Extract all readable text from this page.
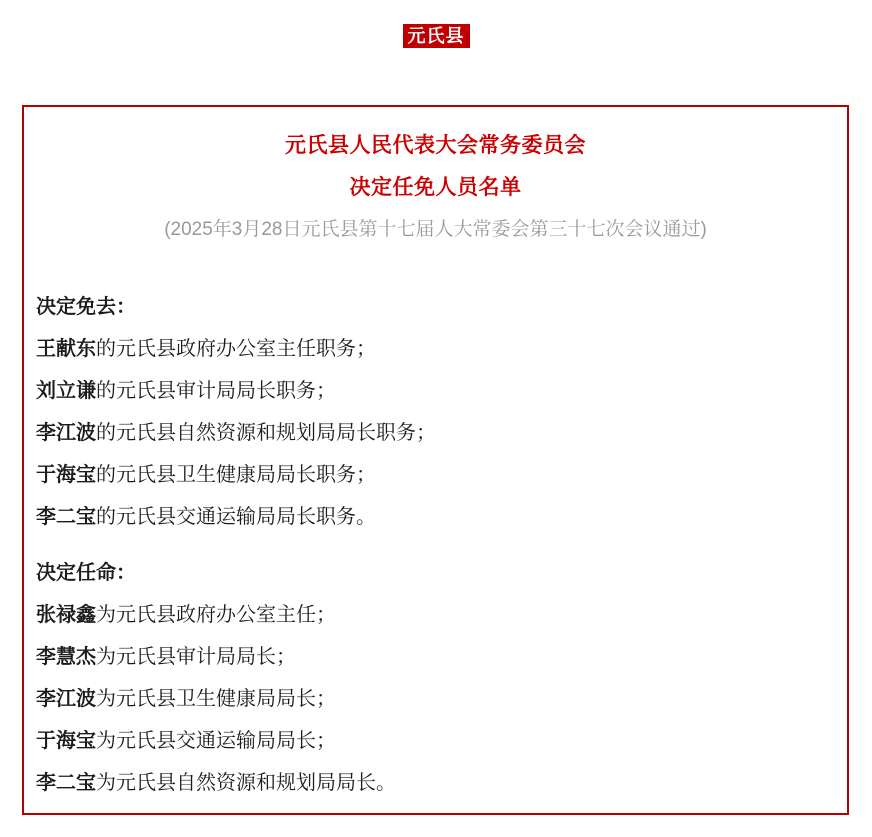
元氏县
元氏县人民代表大会常务委员会
决定任免人员名单

(2025年3月28日元氏县第十七届人大常委会第三十七次会议通过)

决定免去：

王献东的元氏县政府办公室主任职务；

刘立谦的元氏县审计局局长职务；

李江波的元氏县自然资源和规划局局长职务；

于海宝的元氏县卫生健康局局长职务；

李二宝的元氏县交通运输局局长职务。

决定任命：

张禄鑫为元氏县政府办公室主任；

李慧杰为元氏县审计局局长；

李江波为元氏县卫生健康局局长；

于海宝为元氏县交通运输局局长；

李二宝为元氏县自然资源和规划局局长。
